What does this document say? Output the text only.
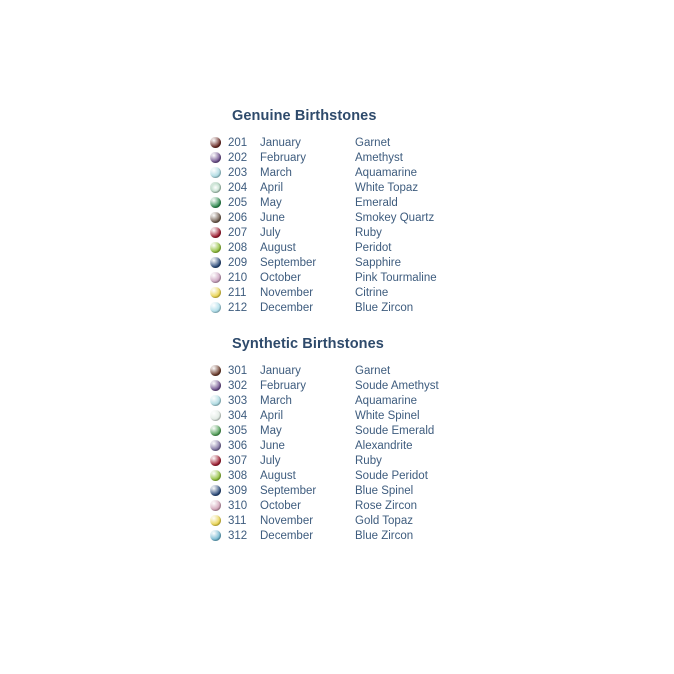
Genuine Birthstones
201	January	Garnet
202	February	Amethyst
203	March	Aquamarine
204	April	White Topaz
205	May	Emerald
206	June	Smokey Quartz
207	July	Ruby
208	August	Peridot
209	September	Sapphire
210	October	Pink Tourmaline
211	November	Citrine
212	December	Blue Zircon
Synthetic Birthstones
301	January	Garnet
302	February	Soude Amethyst
303	March	Aquamarine
304	April	White Spinel
305	May	Soude Emerald
306	June	Alexandrite
307	July	Ruby
308	August	Soude Peridot
309	September	Blue Spinel
310	October	Rose Zircon
311	November	Gold Topaz
312	December	Blue Zircon
